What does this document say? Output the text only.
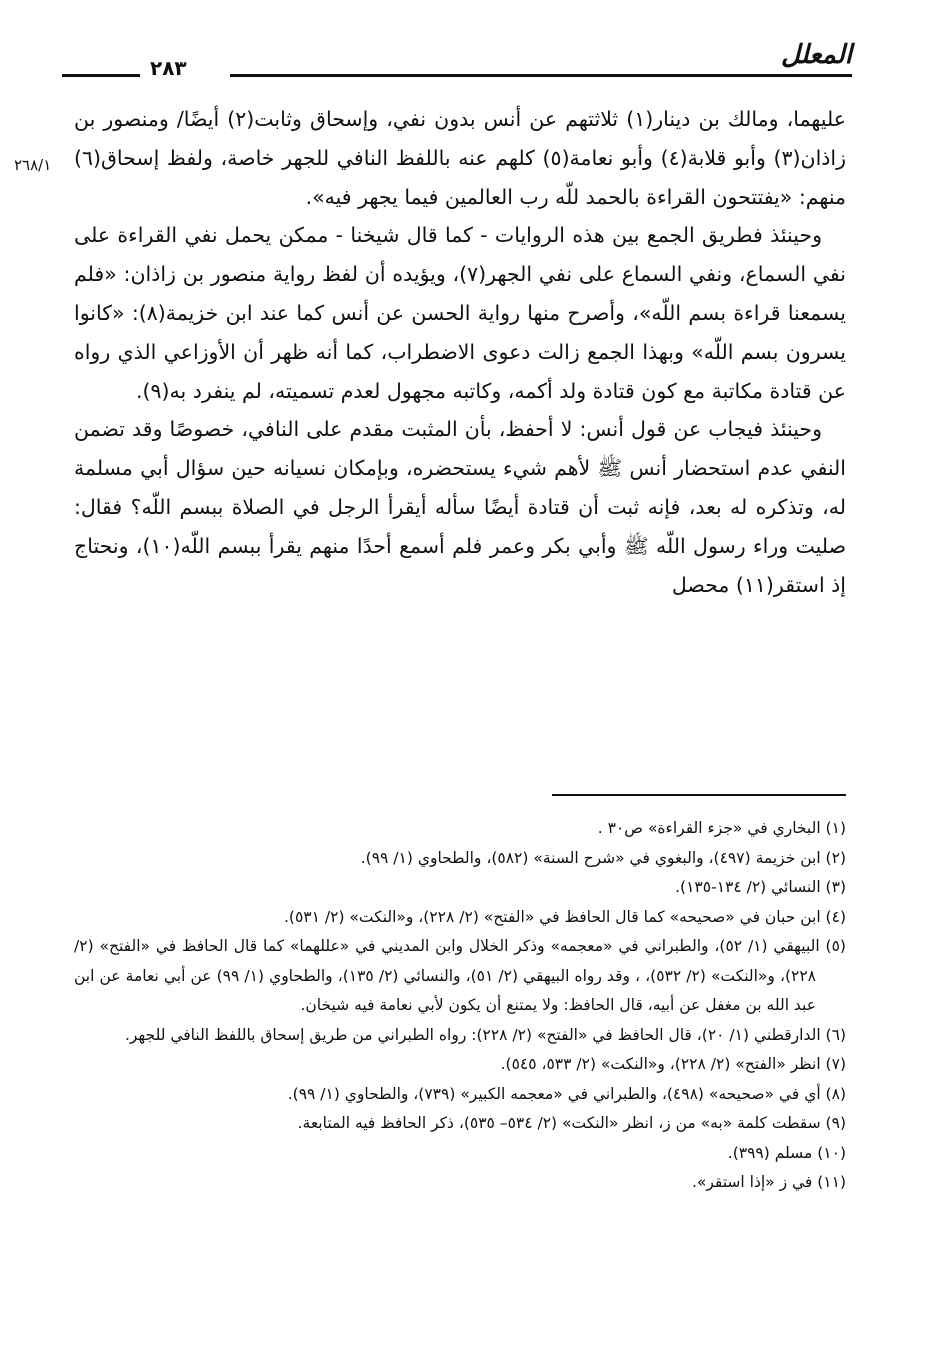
المعلل
٢٨٣
٢٦٨/١

عليهما، ومالك بن دينار(١) ثلاثتهم عن أنس بدون نفي، وإسحاق وثابت(٢) أيضًا/ ومنصور بن زاذان(٣) وأبو قلابة(٤) وأبو نعامة(٥) كلهم عنه باللفظ النافي للجهر خاصة، ولفظ إسحاق(٦) منهم: «يفتتحون القراءة بالحمد للّه رب العالمين فيما يجهر فيه».

وحينئذ فطريق الجمع بين هذه الروايات - كما قال شيخنا - ممكن يحمل نفي القراءة على نفي السماع، ونفي السماع على نفي الجهر(٧)، ويؤيده أن لفظ رواية منصور بن زاذان: «فلم يسمعنا قراءة بسم اللّه»، وأصرح منها رواية الحسن عن أنس كما عند ابن خزيمة(٨): «كانوا يسرون بسم اللّه» وبهذا الجمع زالت دعوى الاضطراب، كما أنه ظهر أن الأوزاعي الذي رواه عن قتادة مكاتبة مع كون قتادة ولد أكمه، وكاتبه مجهول لعدم تسميته، لم ينفرد به(٩).

وحينئذ فيجاب عن قول أنس: لا أحفظ، بأن المثبت مقدم على النافي، خصوصًا وقد تضمن النفي عدم استحضار أنس ﷺ لأهم شيء يستحضره، وبإمكان نسيانه حين سؤال أبي مسلمة له، وتذكره له بعد، فإنه ثبت أن قتادة أيضًا سأله أيقرأ الرجل في الصلاة ببسم اللّه؟ فقال: صليت وراء رسول اللّه ﷺ وأبي بكر وعمر فلم أسمع أحدًا منهم يقرأ ببسم اللّه(١٠)، ونحتاج إذ استقر(١١) محصل

(١) البخاري في «جزء القراءة» ص٣٠ .

(٢) ابن خزيمة (٤٩٧)، والبغوي في «شرح السنة» (٥٨٢)، والطحاوي (١/ ٩٩).

(٣) النسائي (٢/ ١٣٤-١٣٥).

(٤) ابن حبان في «صحيحه» كما قال الحافظ في «الفتح» (٢/ ٢٢٨)، و«النكت» (٢/ ٥٣١).

(٥) البيهقي (١/ ٥٢)، والطبراني في «معجمه» وذكر الخلال وابن المديني في «عللهما» كما قال الحافظ في «الفتح» (٢/ ٢٢٨)، و«النكت» (٢/ ٥٣٢)، ، وقد رواه البيهقي (٢/ ٥١)، والنسائي (٢/ ١٣٥)، والطحاوي (١/ ٩٩) عن أبي نعامة عن ابن عبد الله بن مغفل عن أبيه، قال الحافظ: ولا يمتنع أن يكون لأبي نعامة فيه شيخان.

(٦) الدارقطني (١/ ٢٠)، قال الحافظ في «الفتح» (٢/ ٢٢٨): رواه الطبراني من طريق إسحاق باللفظ النافي للجهر.

(٧) انظر «الفتح» (٢/ ٢٢٨)، و«النكت» (٢/ ٥٣٣، ٥٤٥).

(٨) أي في «صحيحه» (٤٩٨)، والطبراني في «معجمه الكبير» (٧٣٩)، والطحاوي (١/ ٩٩).

(٩) سقطت كلمة «به» من ز، انظر «النكت» (٢/ ٥٣٤– ٥٣٥)، ذكر الحافظ فيه المتابعة.

(١٠) مسلم (٣٩٩).

(١١) في ز «إذا استقر».
